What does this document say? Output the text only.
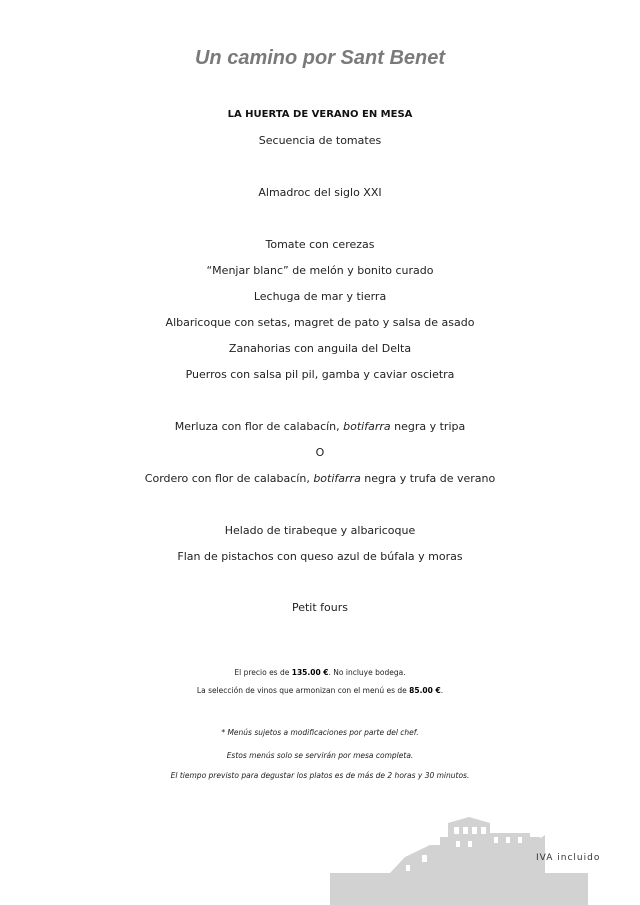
Un camino por Sant Benet
LA HUERTA DE VERANO EN MESA
Secuencia de tomates
Almadroc del siglo XXI
Tomate con cerezas
“Menjar blanc” de melón y bonito curado
Lechuga de mar y tierra
Albaricoque con setas, magret de pato y salsa de asado
Zanahorias con anguila del Delta
Puerros con salsa pil pil, gamba y caviar oscietra
Merluza con flor de calabacín, botifarra negra y tripa
O
Cordero con flor de calabacín, botifarra negra y trufa de verano
Helado de tirabeque y albaricoque
Flan de pistachos con queso azul de búfala y moras
Petit fours
El precio es de 135.00 €. No incluye bodega.
La selección de vinos que armonizan con el menú es de 85.00 €.
* Menús sujetos a modificaciones por parte del chef.
Estos menús solo se servirán por mesa completa.
El tiempo previsto para degustar los platos es de más de 2 horas y 30 minutos.
IVA incluido
